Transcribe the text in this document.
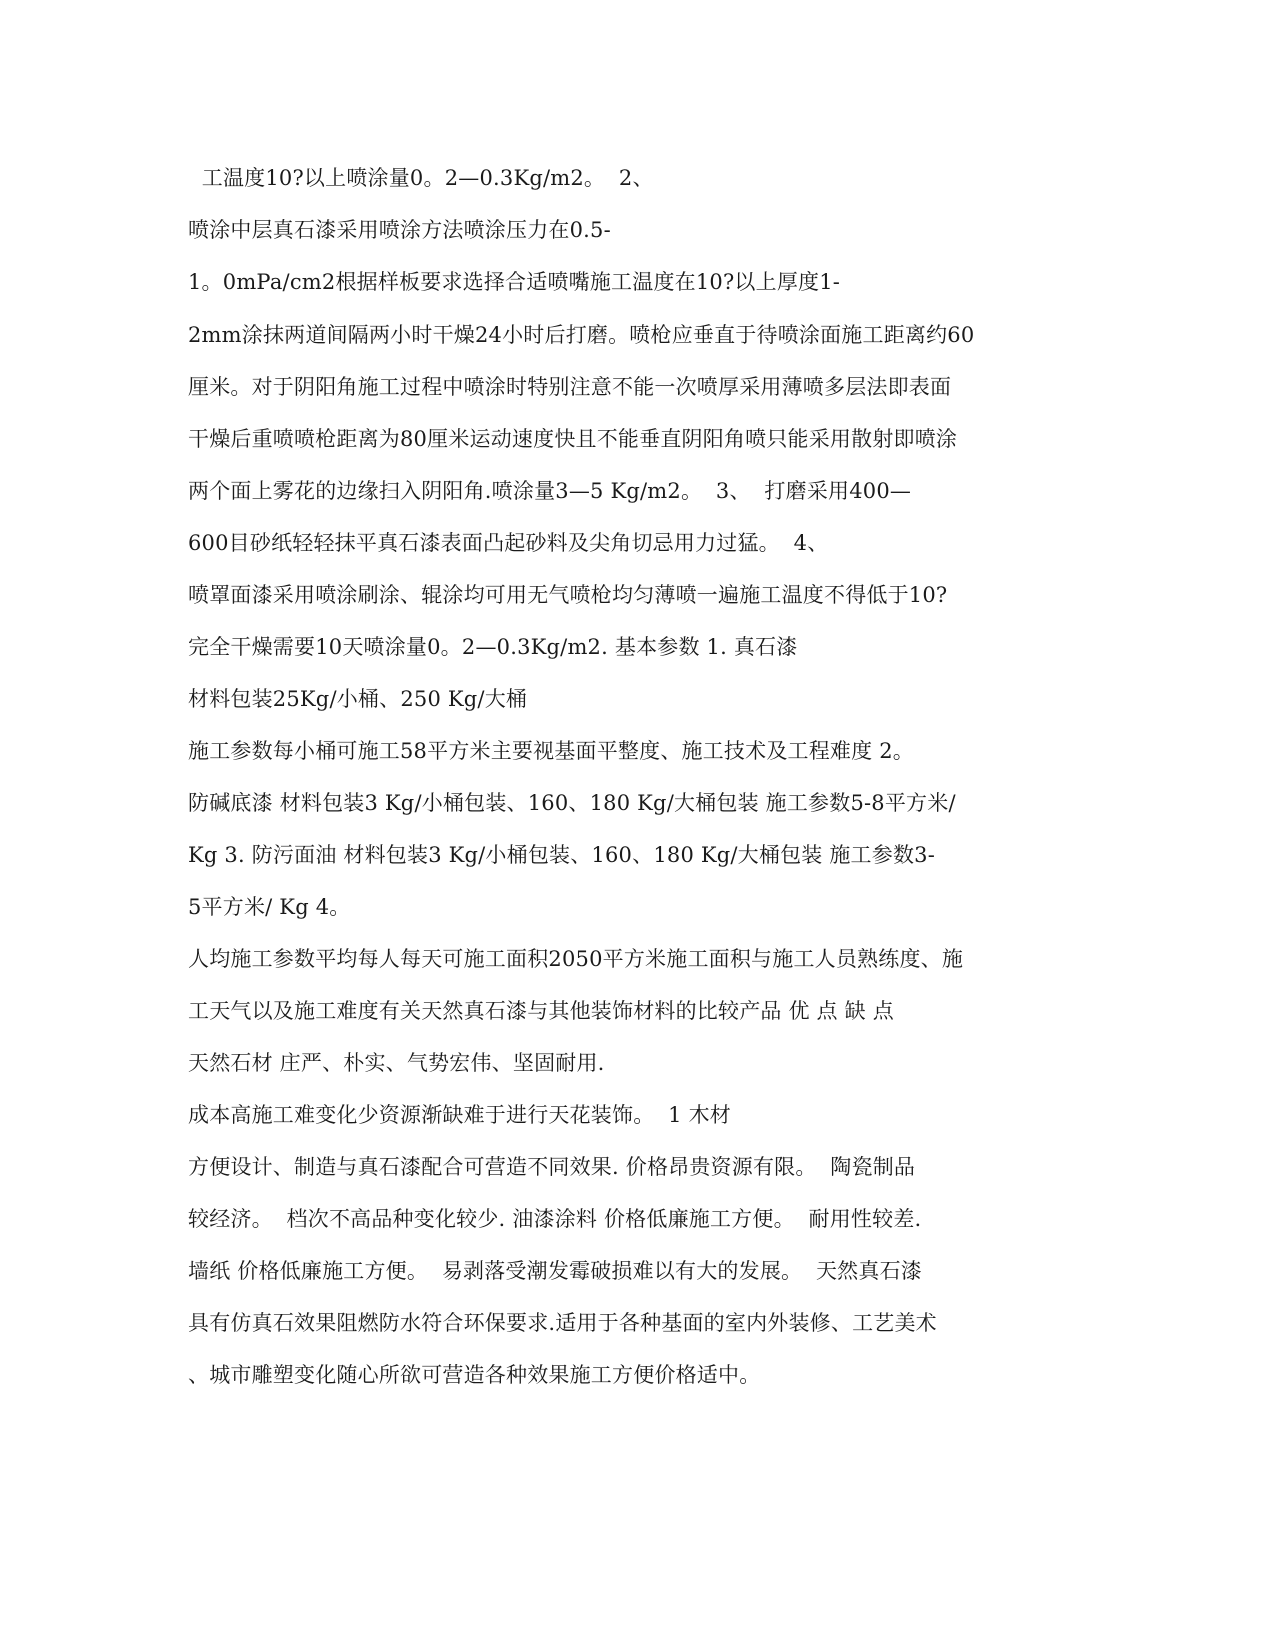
工温度10?以上喷涂量0。2—0.3Kg/m2。  2、
喷涂中层真石漆采用喷涂方法喷涂压力在0.5-
1。0mPa/cm2根据样板要求选择合适喷嘴施工温度在10?以上厚度1-
2mm涂抹两道间隔两小时干燥24小时后打磨。喷枪应垂直于待喷涂面施工距离约60
厘米。对于阴阳角施工过程中喷涂时特别注意不能一次喷厚采用薄喷多层法即表面
干燥后重喷喷枪距离为80厘米运动速度快且不能垂直阴阳角喷只能采用散射即喷涂
两个面上雾花的边缘扫入阴阳角.喷涂量3—5 Kg/m2。  3、  打磨采用400—
600目砂纸轻轻抹平真石漆表面凸起砂料及尖角切忌用力过猛。  4、
喷罩面漆采用喷涂刷涂、辊涂均可用无气喷枪均匀薄喷一遍施工温度不得低于10?
完全干燥需要10天喷涂量0。2—0.3Kg/m2. 基本参数 1. 真石漆
材料包装25Kg/小桶、250 Kg/大桶
施工参数每小桶可施工58平方米主要视基面平整度、施工技术及工程难度 2。
防碱底漆 材料包装3 Kg/小桶包装、160、180 Kg/大桶包装 施工参数5-8平方米/
Kg 3. 防污面油 材料包装3 Kg/小桶包装、160、180 Kg/大桶包装 施工参数3-
5平方米/ Kg 4。
人均施工参数平均每人每天可施工面积2050平方米施工面积与施工人员熟练度、施
工天气以及施工难度有关天然真石漆与其他装饰材料的比较产品 优 点 缺 点
天然石材 庄严、朴实、气势宏伟、坚固耐用.
成本高施工难变化少资源渐缺难于进行天花装饰。  1 木材
方便设计、制造与真石漆配合可营造不同效果. 价格昂贵资源有限。  陶瓷制品
较经济。  档次不高品种变化较少. 油漆涂料 价格低廉施工方便。  耐用性较差.
墙纸 价格低廉施工方便。  易剥落受潮发霉破损难以有大的发展。  天然真石漆
具有仿真石效果阻燃防水符合环保要求.适用于各种基面的室内外装修、工艺美术
、城市雕塑变化随心所欲可营造各种效果施工方便价格适中。
